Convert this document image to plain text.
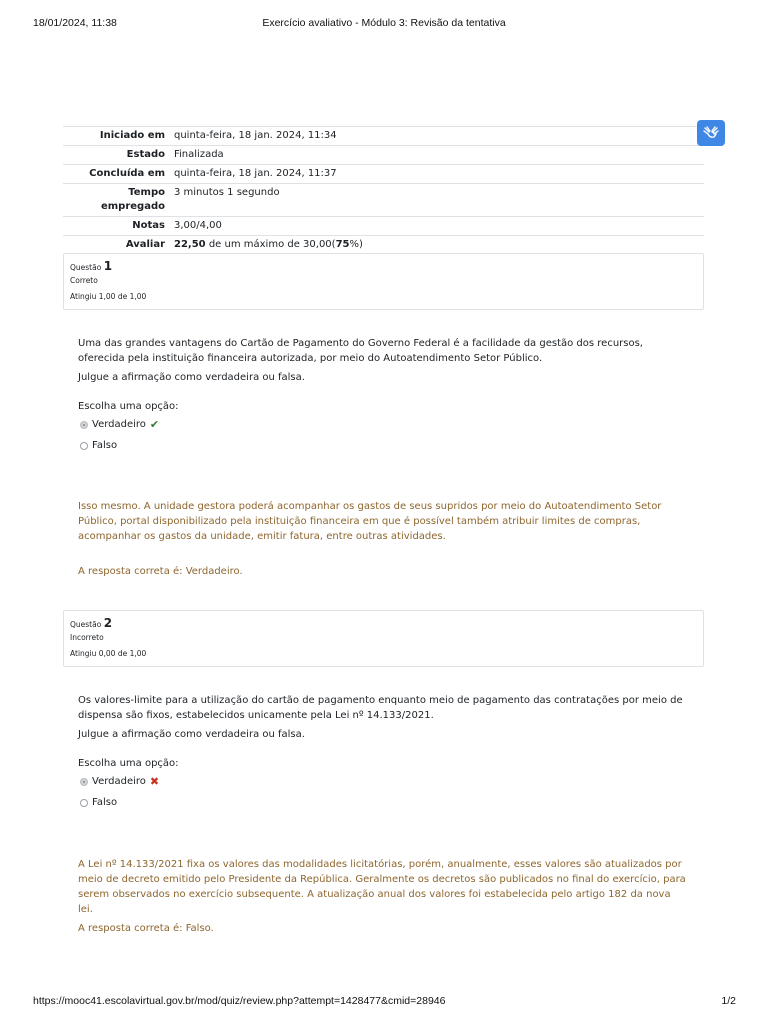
18/01/2024, 11:38	Exercício avaliativo - Módulo 3: Revisão da tentativa
Iniciado em	quinta-feira, 18 jan. 2024, 11:34
Estado	Finalizada
Concluída em	quinta-feira, 18 jan. 2024, 11:37
Tempo empregado	3 minutos 1 segundo
Notas	3,00/4,00
Avaliar	22,50 de um máximo de 30,00(75%)
Questão 1
Correto
Atingiu 1,00 de 1,00
Uma das grandes vantagens do Cartão de Pagamento do Governo Federal é a facilidade da gestão dos recursos, oferecida pela instituição financeira autorizada, por meio do Autoatendimento Setor Público.
Julgue a afirmação como verdadeira ou falsa.
Escolha uma opção:
Verdadeiro ✔
Falso
Isso mesmo. A unidade gestora poderá acompanhar os gastos de seus supridos por meio do Autoatendimento Setor Público, portal disponibilizado pela instituição financeira em que é possível também atribuir limites de compras, acompanhar os gastos da unidade, emitir fatura, entre outras atividades.
A resposta correta é: Verdadeiro.
Questão 2
Incorreto
Atingiu 0,00 de 1,00
Os valores-limite para a utilização do cartão de pagamento enquanto meio de pagamento das contratações por meio de dispensa são fixos, estabelecidos unicamente pela Lei nº 14.133/2021.
Julgue a afirmação como verdadeira ou falsa.
Escolha uma opção:
Verdadeiro ✖
Falso
A Lei nº 14.133/2021 fixa os valores das modalidades licitatórias, porém, anualmente, esses valores são atualizados por meio de decreto emitido pelo Presidente da República. Geralmente os decretos são publicados no final do exercício, para serem observados no exercício subsequente. A atualização anual dos valores foi estabelecida pelo artigo 182 da nova lei.
A resposta correta é: Falso.
https://mooc41.escolavirtual.gov.br/mod/quiz/review.php?attempt=1428477&cmid=28946	1/2
